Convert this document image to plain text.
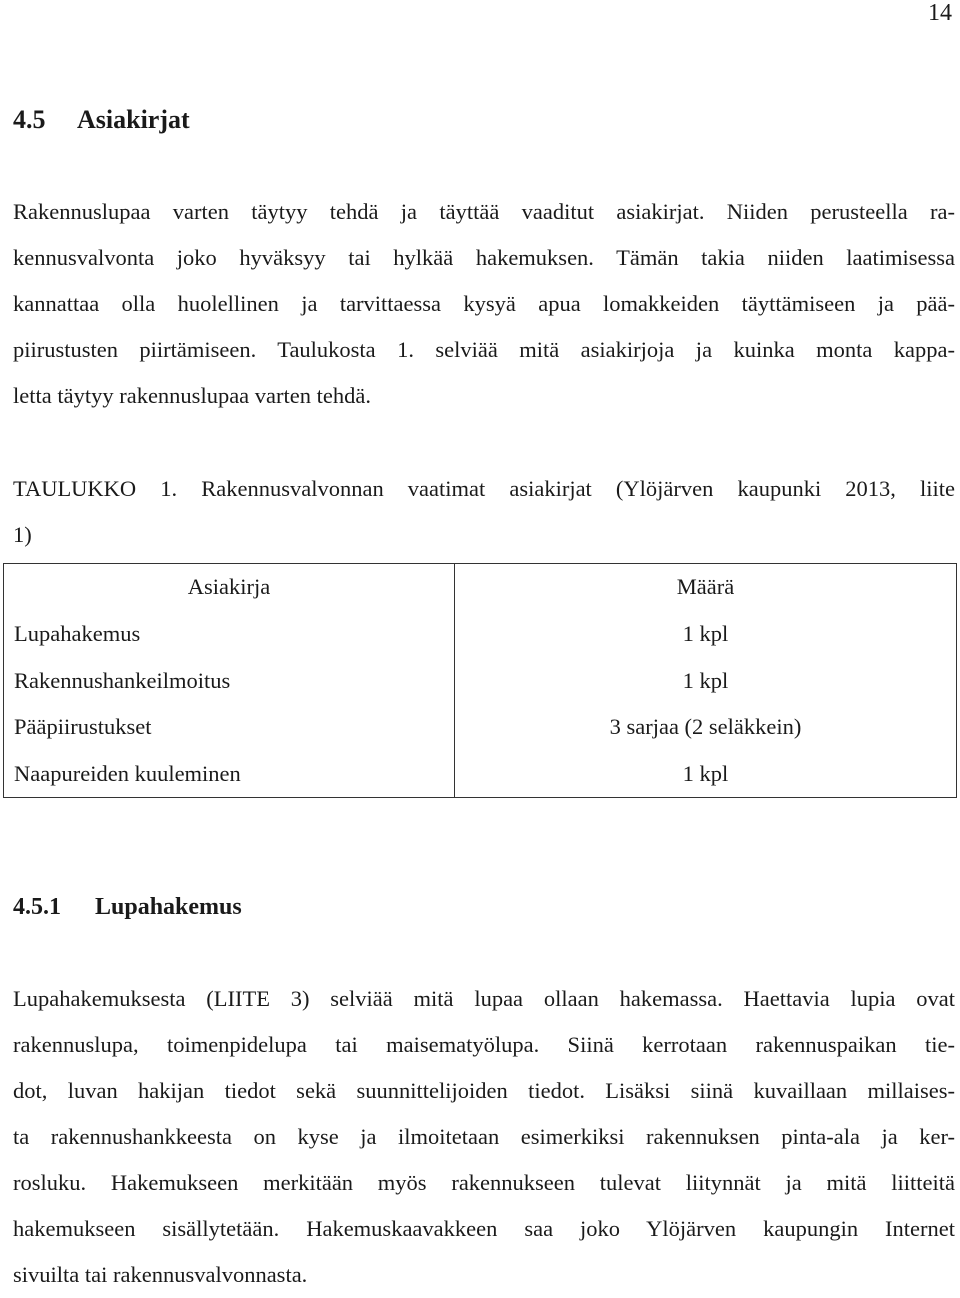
14
4.5 Asiakirjat
Rakennuslupaa varten täytyy tehdä ja täyttää vaaditut asiakirjat. Niiden perusteella ra-
kennusvalvonta joko hyväksyy tai hylkää hakemuksen. Tämän takia niiden laatimisessa
kannattaa olla huolellinen ja tarvittaessa kysyä apua lomakkeiden täyttämiseen ja pää-
piirustusten piirtämiseen. Taulukosta 1. selviää mitä asiakirjoja ja kuinka monta kappa-
letta täytyy rakennuslupaa varten tehdä.
TAULUKKO 1. Rakennusvalvonnan vaatimat asiakirjat (Ylöjärven kaupunki 2013, liite
1)
Asiakirja	Määrä
Lupahakemus	1 kpl
Rakennushankeilmoitus	1 kpl
Pääpiirustukset	3 sarjaa (2 seläkkein)
Naapureiden kuuleminen	1 kpl
4.5.1 Lupahakemus
Lupahakemuksesta (LIITE 3) selviää mitä lupaa ollaan hakemassa. Haettavia lupia ovat
rakennuslupa, toimenpidelupa tai maisematyölupa. Siinä kerrotaan rakennuspaikan tie-
dot, luvan hakijan tiedot sekä suunnittelijoiden tiedot. Lisäksi siinä kuvaillaan millaises-
ta rakennushankkeesta on kyse ja ilmoitetaan esimerkiksi rakennuksen pinta-ala ja ker-
rosluku. Hakemukseen merkitään myös rakennukseen tulevat liitynnät ja mitä liitteitä
hakemukseen sisällytetään. Hakemuskaavakkeen saa joko Ylöjärven kaupungin Internet
sivuilta tai rakennusvalvonnasta.
